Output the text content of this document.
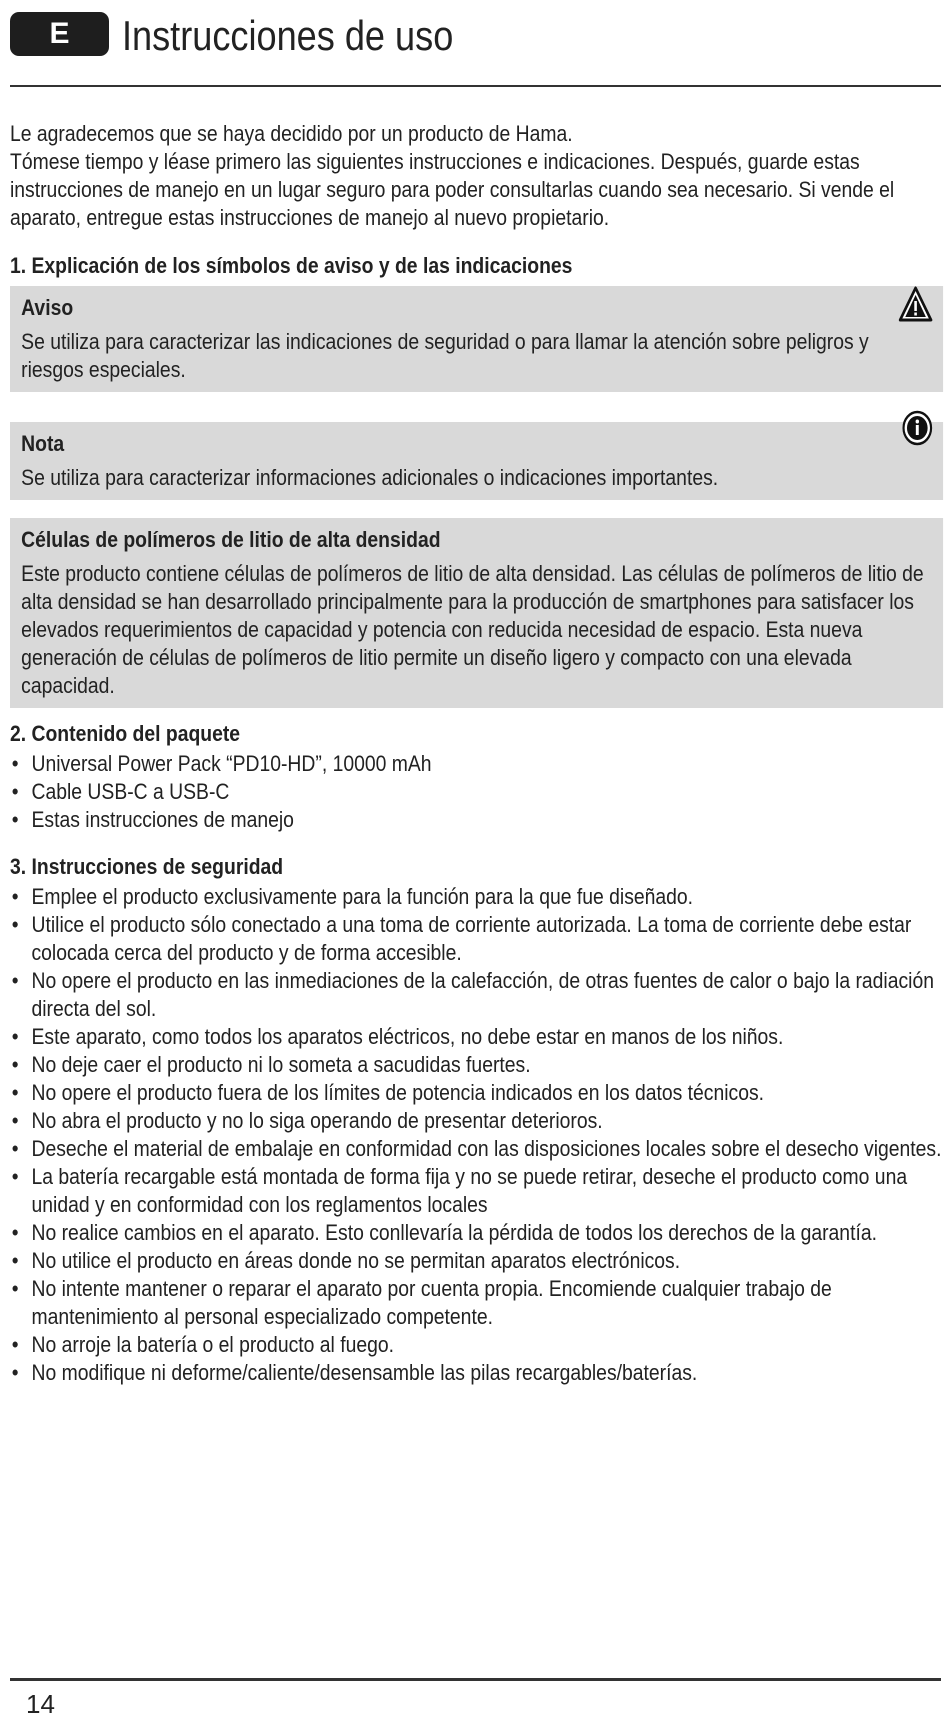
E	Instrucciones de uso
Le agradecemos que se haya decidido por un producto de Hama.
Tómese tiempo y léase primero las siguientes instrucciones e indicaciones. Después, guarde estas instrucciones de manejo en un lugar seguro para poder consultarlas cuando sea necesario. Si vende el aparato, entregue estas instrucciones de manejo al nuevo propietario.
1. Explicación de los símbolos de aviso y de las indicaciones
Aviso
Se utiliza para caracterizar las indicaciones de seguridad o para llamar la atención sobre peligros y riesgos especiales.
Nota
Se utiliza para caracterizar informaciones adicionales o indicaciones importantes.
Células de polímeros de litio de alta densidad
Este producto contiene células de polímeros de litio de alta densidad. Las células de polímeros de litio de alta densidad se han desarrollado principalmente para la producción de smartphones para satisfacer los elevados requerimientos de capacidad y potencia con reducida necesidad de espacio. Esta nueva generación de células de polímeros de litio permite un diseño ligero y compacto con una elevada capacidad.
2. Contenido del paquete
• Universal Power Pack “PD10-HD”, 10000 mAh
• Cable USB-C a USB-C
• Estas instrucciones de manejo
3. Instrucciones de seguridad
• Emplee el producto exclusivamente para la función para la que fue diseñado.
• Utilice el producto sólo conectado a una toma de corriente autorizada. La toma de corriente debe estar colocada cerca del producto y de forma accesible.
• No opere el producto en las inmediaciones de la calefacción, de otras fuentes de calor o bajo la radiación directa del sol.
• Este aparato, como todos los aparatos eléctricos, no debe estar en manos de los niños.
• No deje caer el producto ni lo someta a sacudidas fuertes.
• No opere el producto fuera de los límites de potencia indicados en los datos técnicos.
• No abra el producto y no lo siga operando de presentar deterioros.
• Deseche el material de embalaje en conformidad con las disposiciones locales sobre el desecho vigentes.
• La batería recargable está montada de forma fija y no se puede retirar, deseche el producto como una unidad y en conformidad con los reglamentos locales
• No realice cambios en el aparato. Esto conllevaría la pérdida de todos los derechos de la garantía.
• No utilice el producto en áreas donde no se permitan aparatos electrónicos.
• No intente mantener o reparar el aparato por cuenta propia. Encomiende cualquier trabajo de mantenimiento al personal especializado competente.
• No arroje la batería o el producto al fuego.
• No modifique ni deforme/caliente/desensamble las pilas recargables/baterías.
14
